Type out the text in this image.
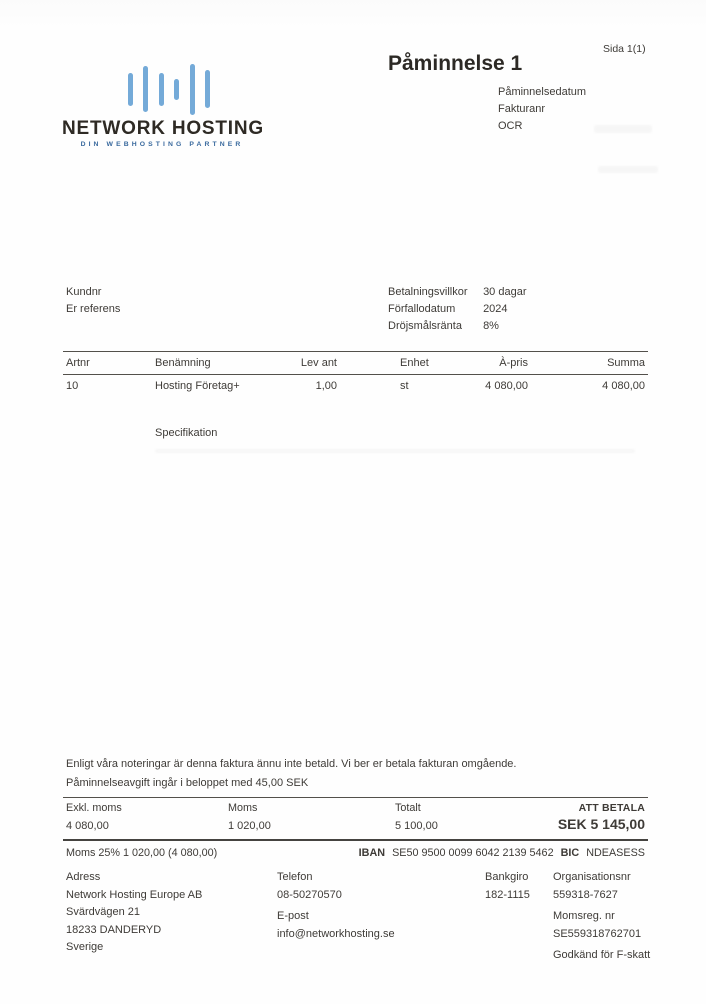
NETWORK HOSTING
DIN WEBHOSTING PARTNER
Sida 1(1)
Påminnelse 1
Påminnelsedatum
Fakturanr
OCR
Kundnr
Er referens
Betalningsvillkor 30 dagar
Förfallodatum	2024
Dröjsmålsränta 8%
Artnr	Benämning	Lev ant	Enhet	À-pris	Summa
10	Hosting Företag+	1,00	st	4 080,00	4 080,00
Specifikation
Enligt våra noteringar är denna faktura ännu inte betald. Vi ber er betala fakturan omgående.
Påminnelseavgift ingår i beloppet med 45,00 SEK
Exkl. moms	Moms	Totalt	ATT BETALA
4 080,00	1 020,00	5 100,00	SEK 5 145,00
Moms 25% 1 020,00 (4 080,00)	IBAN SE50 9500 0099 6042 2139 5462 BIC NDEASESS
Adress
Network Hosting Europe AB
Svärdvägen 21
18233 DANDERYD
Sverige
Telefon
08-50270570
E-post
info@networkhosting.se
Bankgiro
182-1115
Organisationsnr
559318-7627
Momsreg. nr
SE559318762701
Godkänd för F-skatt
